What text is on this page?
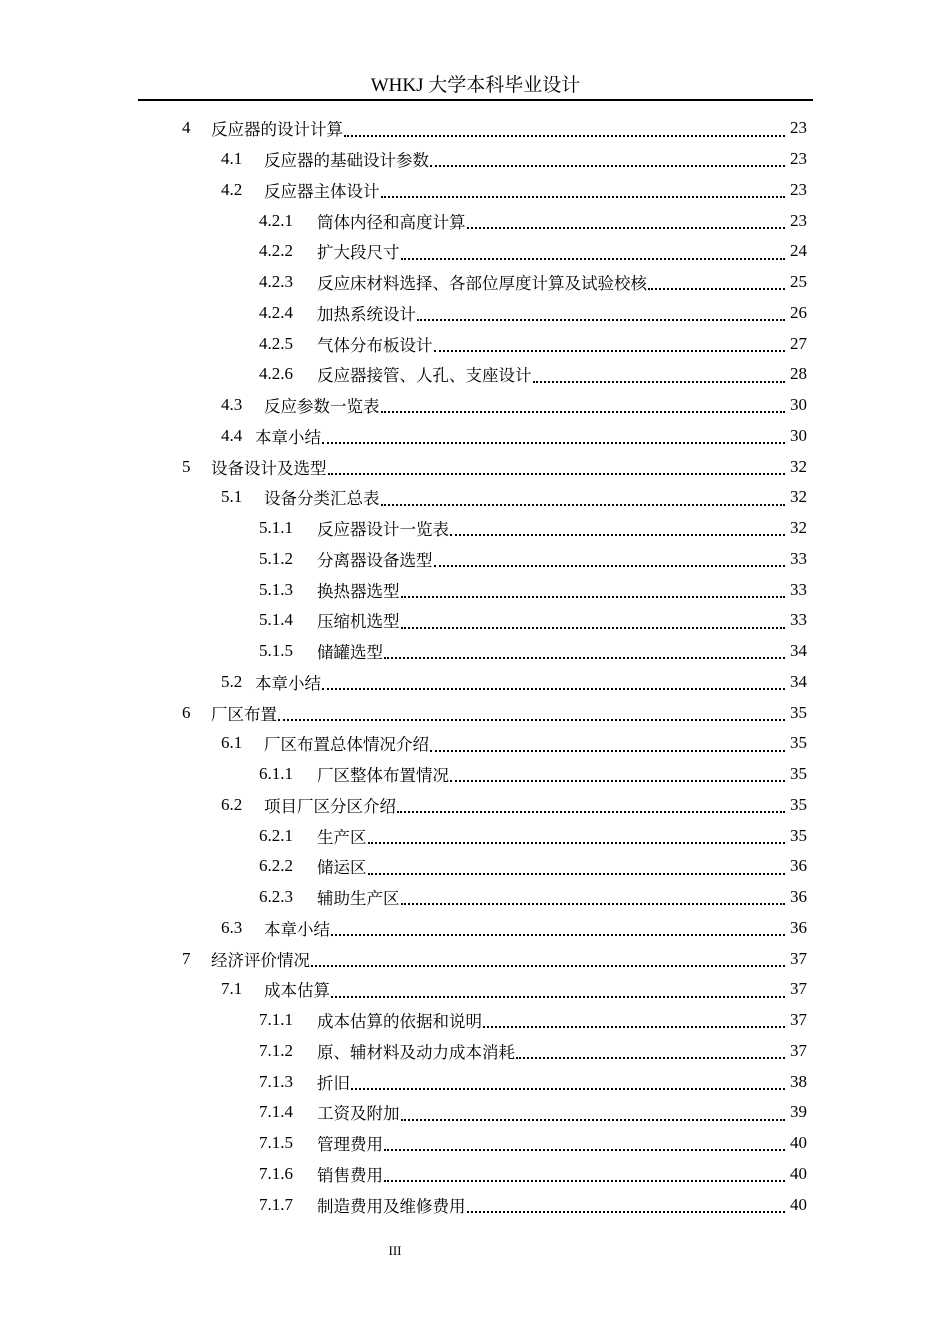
WHKJ 大学本科毕业设计
4 反应器的设计计算	23
4.1 反应器的基础设计参数	23
4.2 反应器主体设计	23
4.2.1 筒体内径和高度计算	23
4.2.2 扩大段尺寸	24
4.2.3 反应床材料选择、各部位厚度计算及试验校核	25
4.2.4 加热系统设计	26
4.2.5 气体分布板设计	27
4.2.6 反应器接管、人孔、支座设计	28
4.3 反应参数一览表	30
4.4 本章小结	30
5 设备设计及选型	32
5.1 设备分类汇总表	32
5.1.1 反应器设计一览表	32
5.1.2 分离器设备选型	33
5.1.3 换热器选型	33
5.1.4 压缩机选型	33
5.1.5 储罐选型	34
5.2 本章小结	34
6 厂区布置	35
6.1 厂区布置总体情况介绍	35
6.1.1 厂区整体布置情况	35
6.2 项目厂区分区介绍	35
6.2.1 生产区	35
6.2.2 储运区	36
6.2.3 辅助生产区	36
6.3 本章小结	36
7 经济评价情况	37
7.1 成本估算	37
7.1.1 成本估算的依据和说明	37
7.1.2 原、辅材料及动力成本消耗	37
7.1.3 折旧	38
7.1.4 工资及附加	39
7.1.5 管理费用	40
7.1.6 销售费用	40
7.1.7 制造费用及维修费用	40
III
